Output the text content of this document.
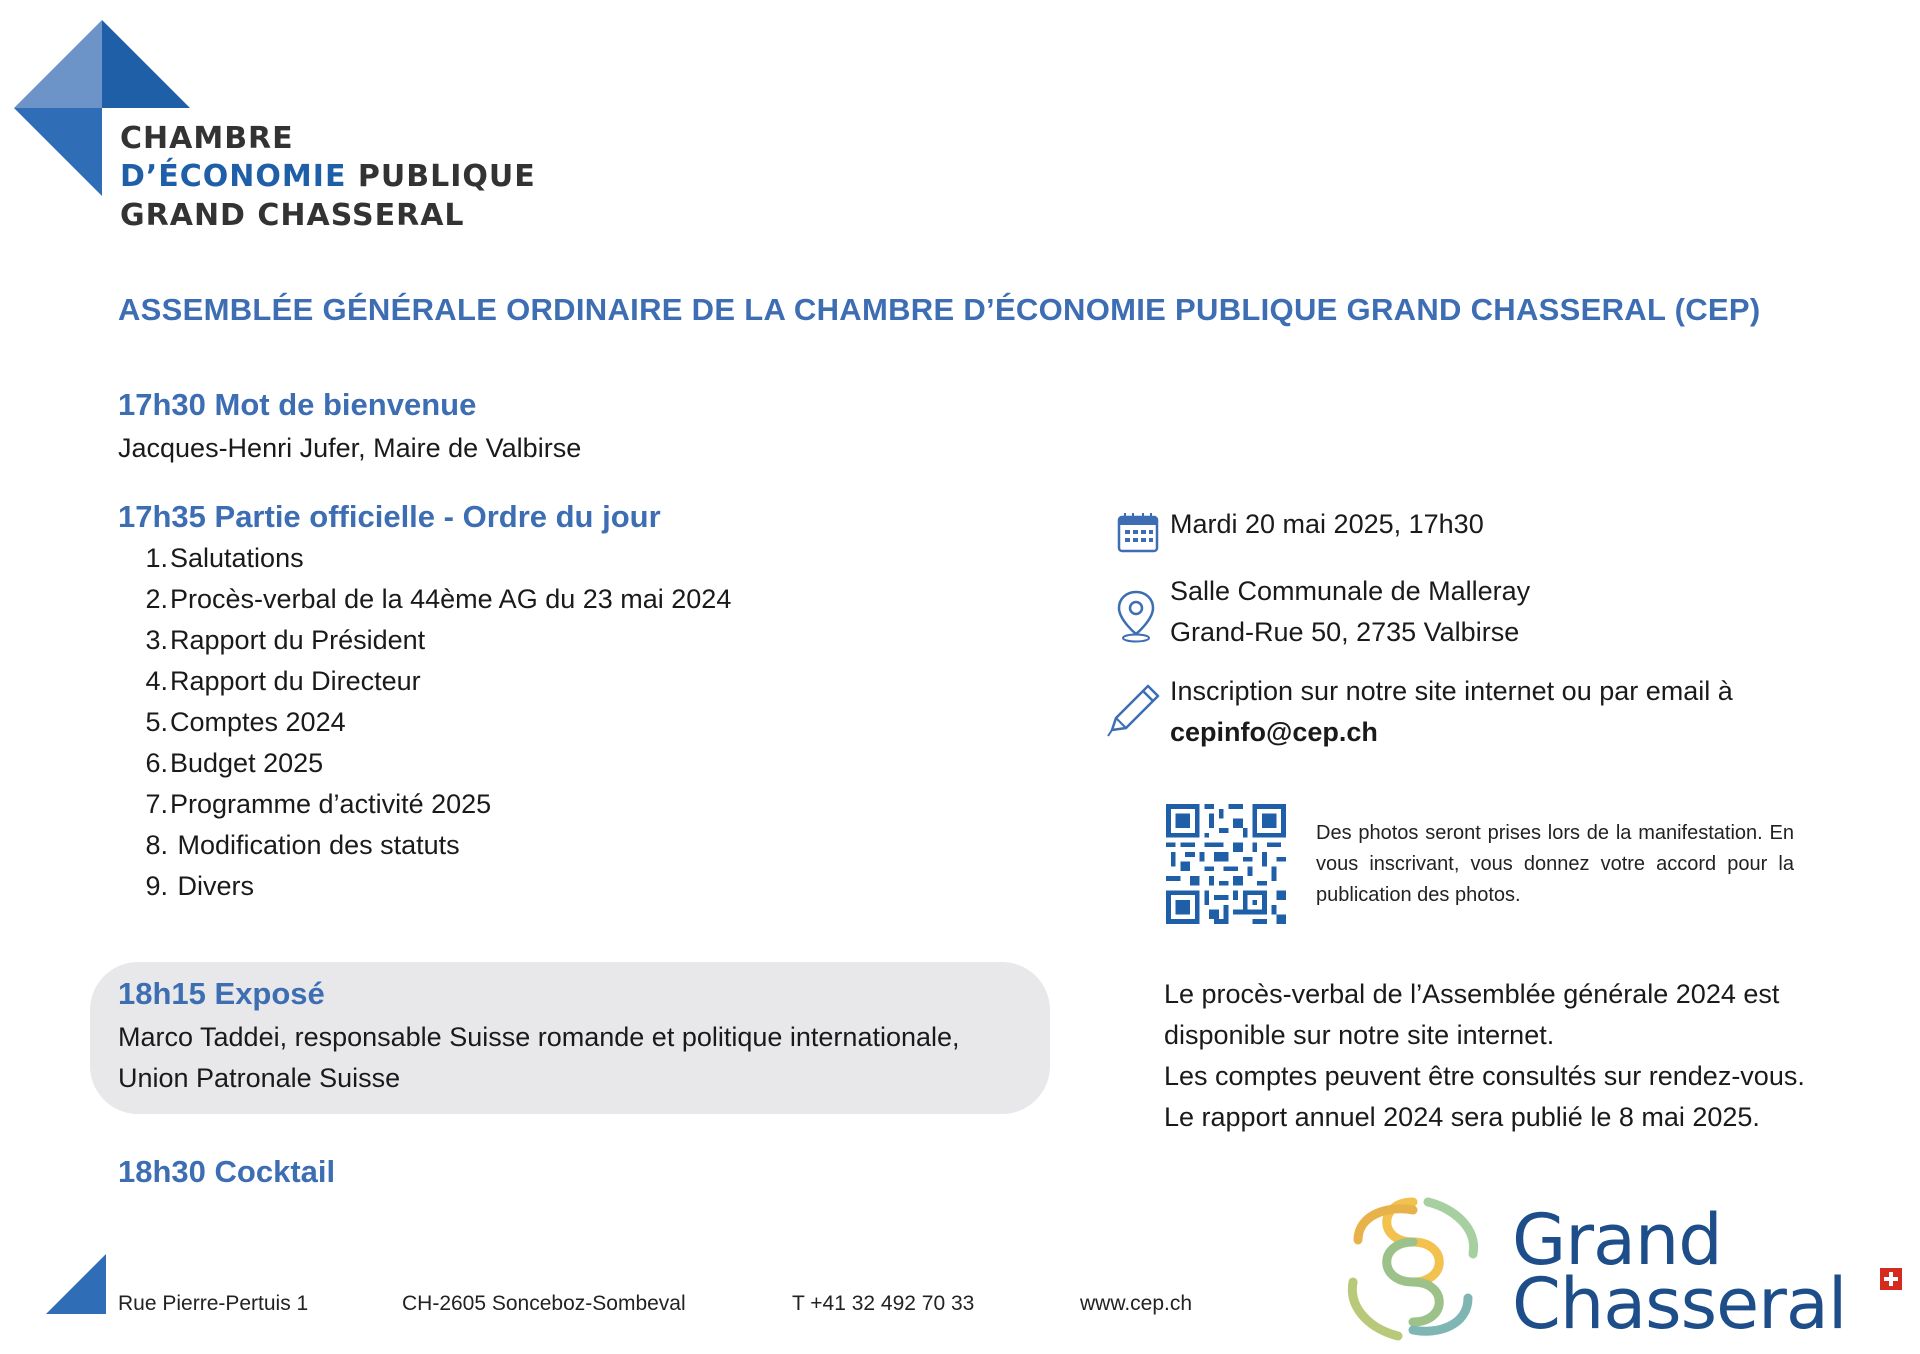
CHAMBRE
D’ÉCONOMIE PUBLIQUE
GRAND CHASSERAL
ASSEMBLÉE GÉNÉRALE ORDINAIRE DE LA CHAMBRE D’ÉCONOMIE PUBLIQUE GRAND CHASSERAL (CEP)
17h30 Mot de bienvenue
Jacques-Henri Jufer, Maire de Valbirse
17h35 Partie officielle - Ordre du jour
1.Salutations
2.Procès-verbal de la 44ème AG du 23 mai 2024
3.Rapport du Président
4.Rapport du Directeur
5.Comptes 2024
6.Budget 2025
7.Programme d’activité 2025
8. Modification des statuts
9. Divers
18h15 Exposé
Marco Taddei, responsable Suisse romande et politique internationale,
Union Patronale Suisse
18h30 Cocktail
Mardi 20 mai 2025, 17h30
Salle Communale de Malleray
Grand-Rue 50, 2735 Valbirse
Inscription sur notre site internet ou par email à
cepinfo@cep.ch
Des photos seront prises lors de la manifestation. En vous inscrivant, vous donnez votre accord pour la publication des photos.
Le procès-verbal de l’Assemblée générale 2024 est
disponible sur notre site internet.
Les comptes peuvent être consultés sur rendez-vous.
Le rapport annuel 2024 sera publié le 8 mai 2025.
Rue Pierre-Pertuis 1	CH-2605 Sonceboz-Sombeval	T +41 32 492 70 33	www.cep.ch
Grand
Chasseral
